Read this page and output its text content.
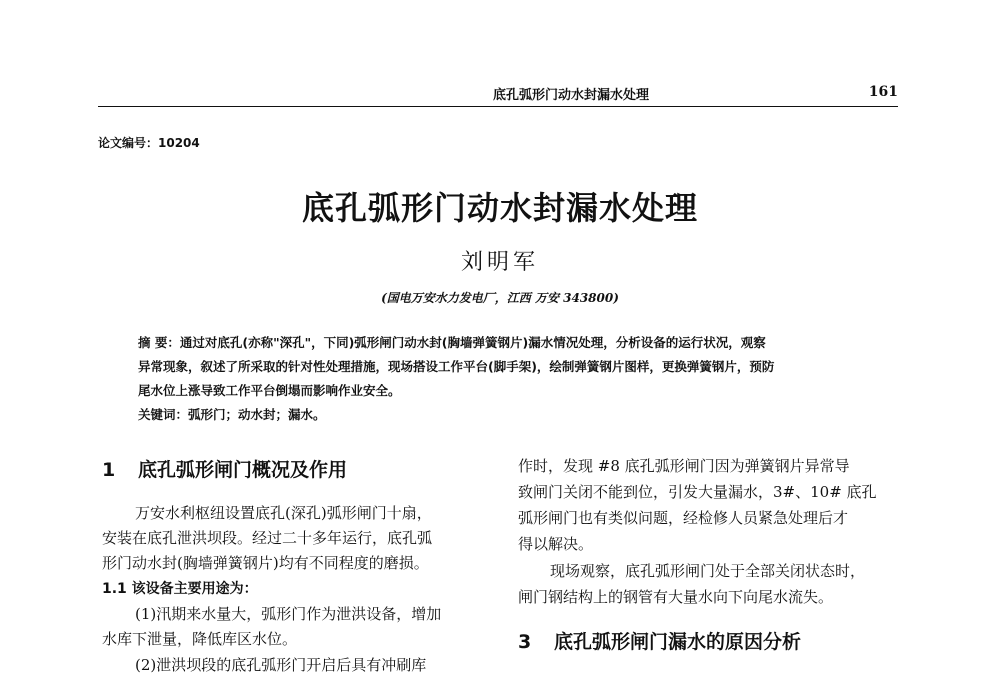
底孔弧形门动水封漏水处理	161
论文编号：10204
底孔弧形门动水封漏水处理
刘明军
(国电万安水力发电厂，江西 万安 343800)
摘 要：通过对底孔(亦称"深孔"，下同)弧形闸门动水封(胸墙弹簧钢片)漏水情况处理，分析设备的运行状况，观察
异常现象，叙述了所采取的针对性处理措施，现场搭设工作平台(脚手架)，绘制弹簧钢片图样，更换弹簧钢片，预防
尾水位上涨导致工作平台倒塌而影响作业安全。
关键词：弧形门；动水封；漏水。
1 底孔弧形闸门概况及作用
万安水利枢纽设置底孔(深孔)弧形闸门十扇，
安装在底孔泄洪坝段。经过二十多年运行，底孔弧
形门动水封(胸墙弹簧钢片)均有不同程度的磨损。
1.1 该设备主要用途为：
(1)汛期来水量大，弧形门作为泄洪设备，增加
水库下泄量，降低库区水位。
(2)泄洪坝段的底孔弧形门开启后具有冲刷库
作时，发现 #8 底孔弧形闸门因为弹簧钢片异常导
致闸门关闭不能到位，引发大量漏水，3#、10# 底孔
弧形闸门也有类似问题，经检修人员紧急处理后才
得以解决。
现场观察，底孔弧形闸门处于全部关闭状态时，
闸门钢结构上的钢管有大量水向下向尾水流失。
3 底孔弧形闸门漏水的原因分析
